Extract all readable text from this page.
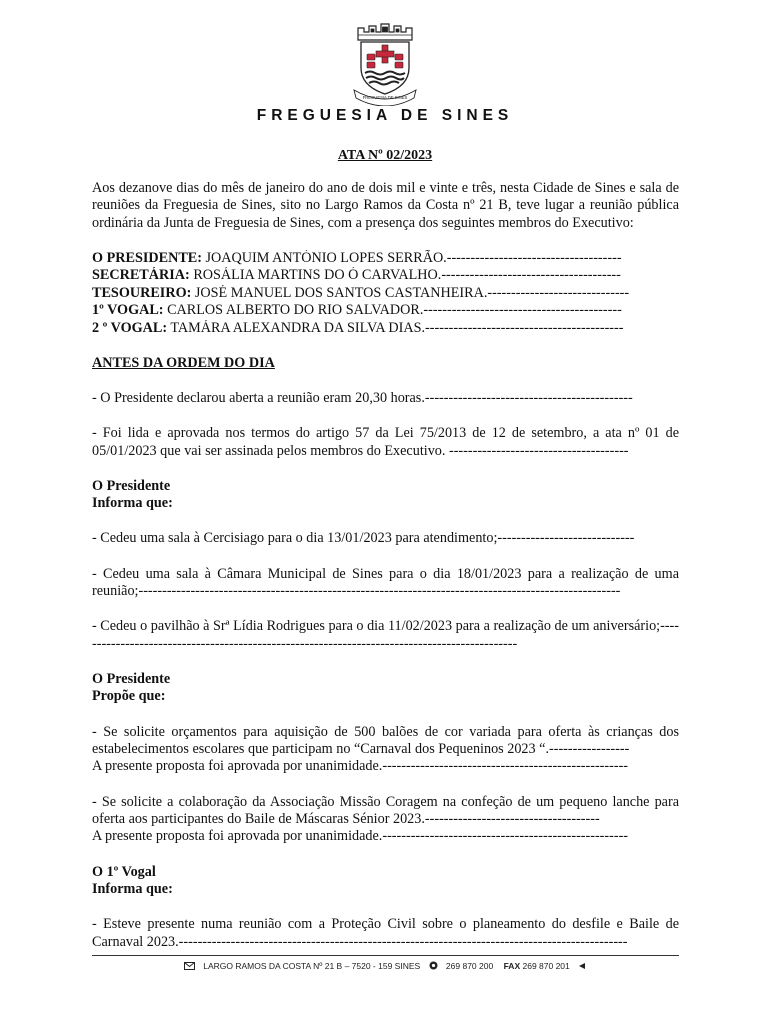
FREGUESIA DE SINES
FREGUESIA DE SINES
ATA Nº 02/2023

Aos dezanove dias do mês de janeiro do ano de dois mil e vinte e três, nesta Cidade de Sines e sala de reuniões da Freguesia de Sines, sito no Largo Ramos da Costa nº 21 B, teve lugar a reunião pública ordinária da Junta de Freguesia de Sines, com a presença dos seguintes membros do Executivo:

O PRESIDENTE: JOAQUIM ANTÓNIO LOPES SERRÃO.-------------------------------------
SECRETÁRIA: ROSÁLIA MARTINS DO Ó CARVALHO.--------------------------------------
TESOUREIRO: JOSÉ MANUEL DOS SANTOS CASTANHEIRA.------------------------------
1º VOGAL: CARLOS ALBERTO DO RIO SALVADOR.------------------------------------------
2 º VOGAL: TAMÁRA ALEXANDRA DA SILVA DIAS.------------------------------------------

ANTES DA ORDEM DO DIA

- O Presidente declarou aberta a reunião eram 20,30 horas.--------------------------------------------

- Foi lida e aprovada nos termos do artigo 57 da Lei 75/2013 de 12 de setembro, a ata nº 01 de 05/01/2023 que vai ser assinada pelos membros do Executivo. --------------------------------------

O Presidente
Informa que:

- Cedeu uma sala à Cercisiago para o dia 13/01/2023 para atendimento;-----------------------------

- Cedeu uma sala à Câmara Municipal de Sines para o dia 18/01/2023 para a realização de uma reunião;------------------------------------------------------------------------------------------------------

- Cedeu o pavilhão à Srª Lídia Rodrigues para o dia 11/02/2023 para a realização de um aniversário;----------------------------------------------------------------------------------------------

O Presidente
Propõe que:

- Se solicite orçamentos para aquisição de 500 balões de cor variada para oferta às crianças dos estabelecimentos escolares que participam no “Carnaval dos Pequeninos 2023 “.-----------------
A presente proposta foi aprovada por unanimidade.----------------------------------------------------

- Se solicite a colaboração da Associação Missão Coragem na confeção de um pequeno lanche para oferta aos participantes do Baile de Máscaras Sénior 2023.-------------------------------------
A presente proposta foi aprovada por unanimidade.----------------------------------------------------

O 1º Vogal
Informa que:

- Esteve presente numa reunião com a Proteção Civil sobre o planeamento do desfile e Baile de Carnaval 2023.-----------------------------------------------------------------------------------------------

LARGO RAMOS DA COSTA Nº 21 B – 7520 - 159 SINES	269 870 200 FAX 269 870 201
